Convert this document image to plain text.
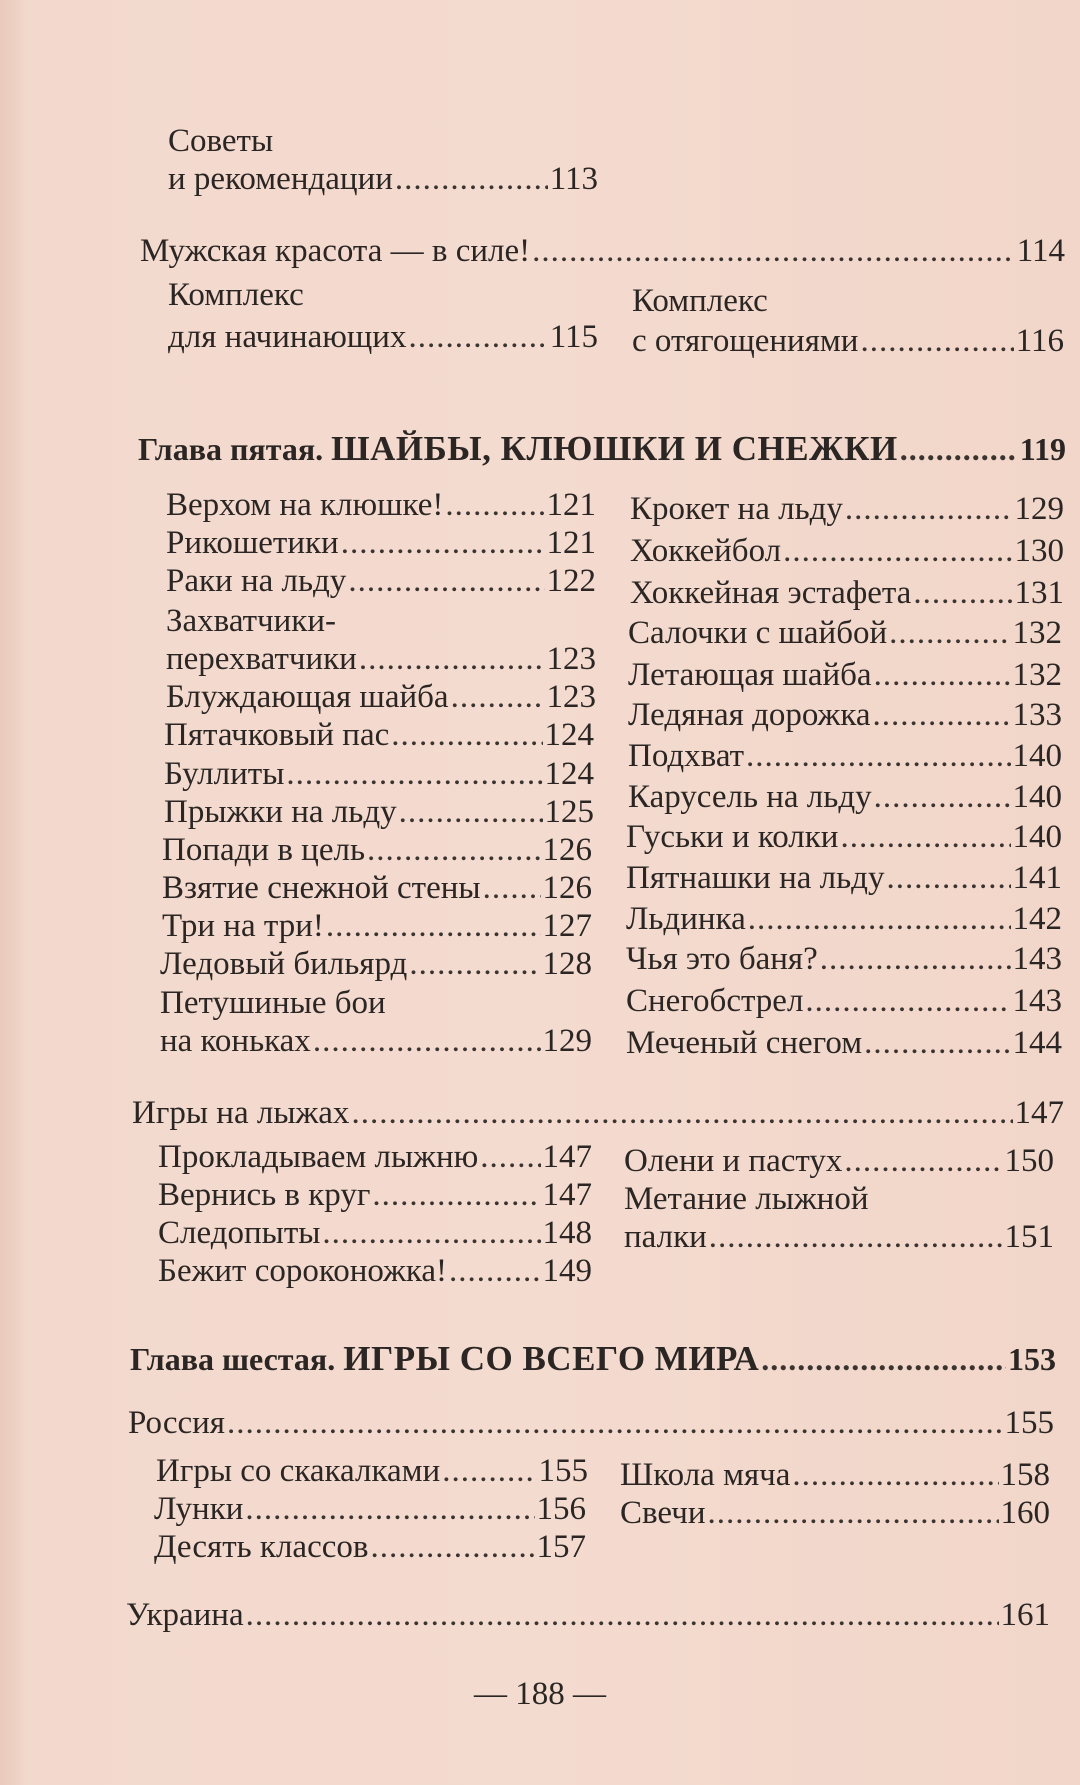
Советы
и рекомендации .....	113
Мужская красота — в силе! .....	114
Комплекс
для начинающих .....	115
Комплекс
с отягощениями .....	116
Глава пятая. ШАЙБЫ, КЛЮШКИ И СНЕЖКИ .....	119
Верхом на клюшке! .....	121
Рикошетики .....	121
Раки на льду .....	122
Захватчики-
перехватчики .....	123
Блуждающая шайба .....	123
Пятачковый пас .....	124
Буллиты .....	124
Прыжки на льду .....	125
Попади в цель .....	126
Взятие снежной стены ..... 126
Три на три! .....	127
Ледовый бильярд .....	128
Петушиные бои
на коньках .....	129
Крокет на льду .....	129
Хоккейбол .....	130
Хоккейная эстафета .....	131
Салочки с шайбой .....	132
Летающая шайба .....	132
Ледяная дорожка .....	133
Подхват .....	140
Карусель на льду .....	140
Гуськи и колки .....	140
Пятнашки на льду .....	141
Льдинка .....	142
Чья это баня? .....	143
Снегобстрел .....	143
Меченый снегом .....	144
Игры на лыжах .....	147
Прокладываем лыжню ..... 147
Вернись в круг .....	147
Следопыты .....	148
Бежит сороконожка! .....	149
Олени и пастух .....	150
Метание лыжной
палки .....	151
Глава шестая. ИГРЫ СО ВСЕГО МИРА .....	153
Россия .....	155
Игры со скакалками .....	155
Лунки .....	156
Десять классов .....	157
Школа мяча .....	158
Свечи .....	160
Украина .....	161
— 188 —
